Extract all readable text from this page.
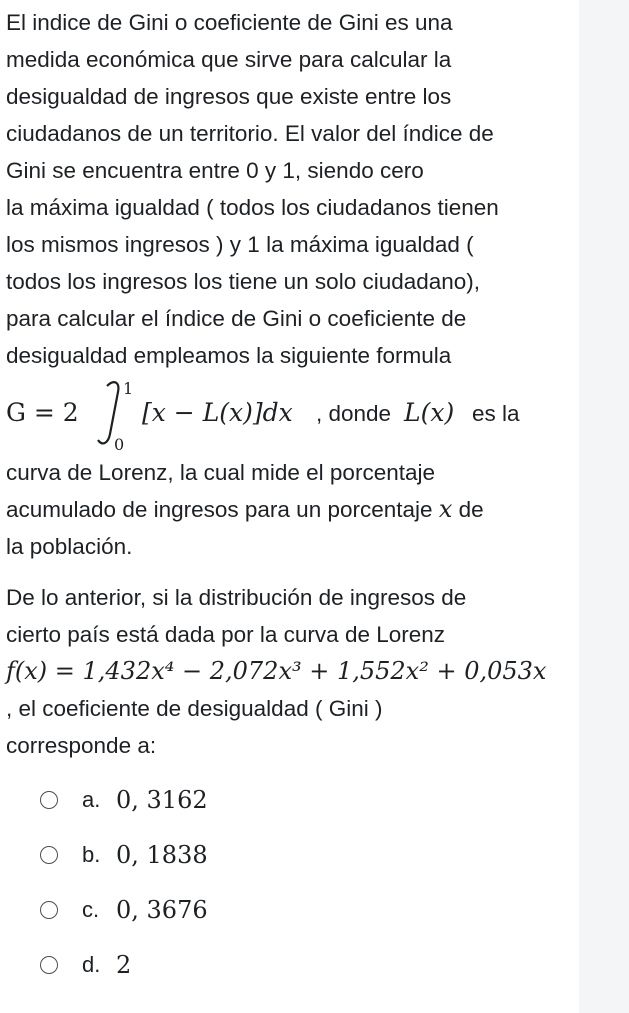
El indice de Gini o coeficiente de Gini es una
medida económica que sirve para calcular la
desigualdad de ingresos que existe entre los
ciudadanos de un territorio. El valor del índice de
Gini se encuentra entre 0 y 1, siendo cero
la máxima igualdad ( todos los ciudadanos tienen
los mismos ingresos ) y 1 la máxima igualdad (
todos los ingresos los tiene un solo ciudadano),
para calcular el índice de Gini o coeficiente de
desigualdad empleamos la siguiente formula
G = 2
1
0
[x − L(x)]dx , donde L(x) es la
curva de Lorenz, la cual mide el porcentaje
acumulado de ingresos para un porcentaje x de
la población.
De lo anterior, si la distribución de ingresos de
cierto país está dada por la curva de Lorenz
f(x) = 1,432x⁴ − 2,072x³ + 1,552x² + 0,053x
, el coeficiente de desigualdad ( Gini )
corresponde a:
a. 0, 3162
b. 0, 1838
c. 0, 3676
d. 2
